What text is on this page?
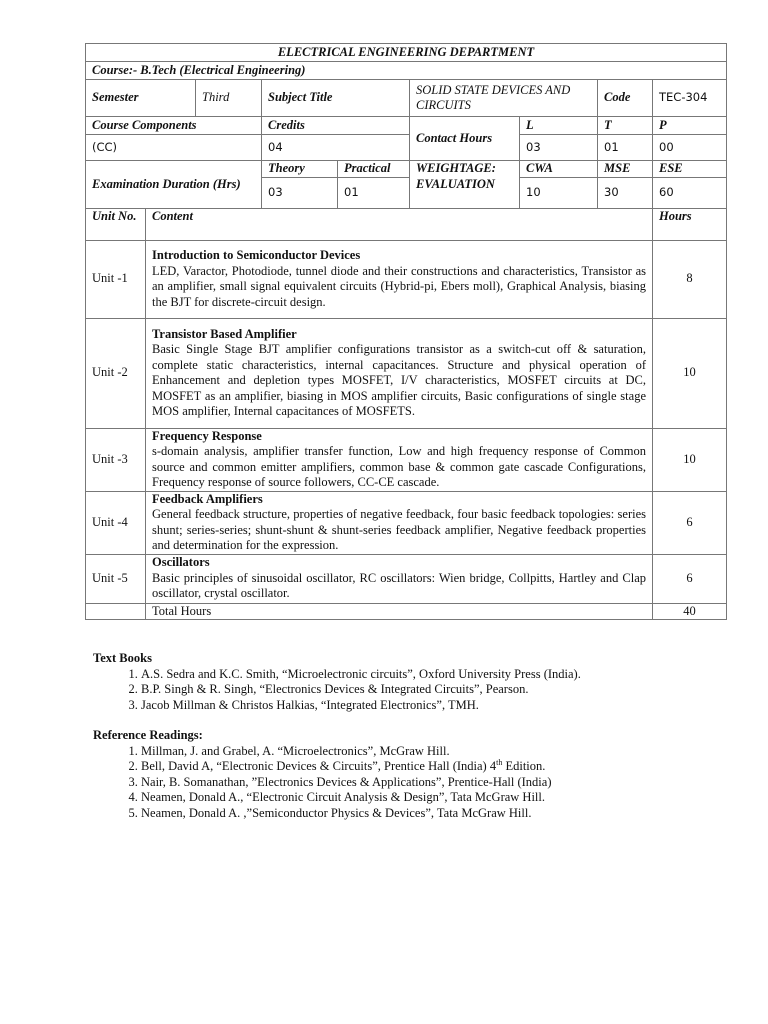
ELECTRICAL ENGINEERING DEPARTMENT								
Course:- B.Tech (Electrical Engineering)								
Semester		Third	Subject Title		SOLID STATE DEVICES AND CIRCUITS		Code	TEC-304
Course Components			Credits		Contact Hours	L	T	P
(CC)			04			03	01	00
Examination Duration (Hrs)			Theory	Practical	WEIGHTAGE: EVALUATION	CWA	MSE	ESE
			03	01		10	30	60
Unit No.	Content							Hours
Unit -1	Introduction to Semiconductor Devices
LED, Varactor, Photodiode, tunnel diode and their constructions and characteristics, Transistor as an amplifier, small signal equivalent circuits (Hybrid-pi, Ebers moll), Graphical Analysis, biasing the BJT for discrete-circuit design.							8
Unit -2	Transistor Based Amplifier
Basic Single Stage BJT amplifier configurations transistor as a switch-cut off & saturation, complete static characteristics, internal capacitances. Structure and physical operation of Enhancement and depletion types MOSFET, I/V characteristics, MOSFET circuits at DC, MOSFET as an amplifier, biasing in MOS amplifier circuits, Basic configurations of single stage MOS amplifier, Internal capacitances of MOSFETS.							10
Unit -3	Frequency Response
s-domain analysis, amplifier transfer function, Low and high frequency response of Common source and common emitter amplifiers, common base & common gate cascade Configurations, Frequency response of source followers, CC-CE cascade.							10
Unit -4	Feedback Amplifiers
General feedback structure, properties of negative feedback, four basic feedback topologies: series shunt; series-series; shunt-shunt & shunt-series feedback amplifier, Negative feedback properties and determination for the expression.							6
Unit -5	Oscillators
Basic principles of sinusoidal oscillator, RC oscillators: Wien bridge, Collpitts, Hartley and Clap oscillator, crystal oscillator.							6
	Total Hours							40
Text Books
1. A.S. Sedra and K.C. Smith, “Microelectronic circuits”, Oxford University Press (India).
2. B.P. Singh & R. Singh, “Electronics Devices & Integrated Circuits”, Pearson.
3. Jacob Millman & Christos Halkias, “Integrated Electronics”, TMH.
Reference Readings:
1. Millman, J. and Grabel, A. “Microelectronics”, McGraw Hill.
2. Bell, David A, “Electronic Devices & Circuits”, Prentice Hall (India) 4th Edition.
3. Nair, B. Somanathan, ”Electronics Devices & Applications”, Prentice-Hall (India)
4. Neamen, Donald A., “Electronic Circuit Analysis & Design”, Tata McGraw Hill.
5. Neamen, Donald A. ,”Semiconductor Physics & Devices”, Tata McGraw Hill.
